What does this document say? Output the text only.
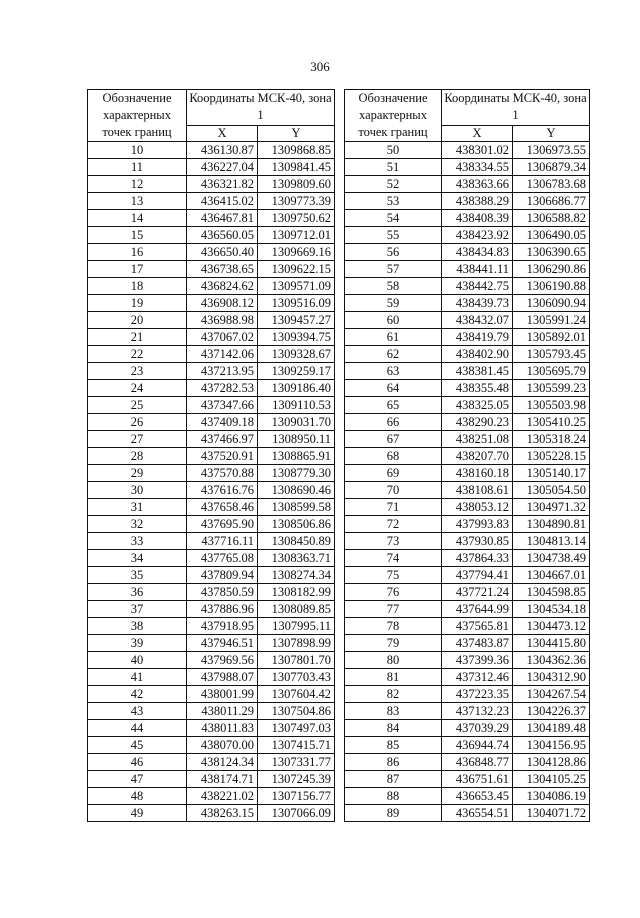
306
Обозначение характерных точек границ	Координаты МСК-40, зона 1	
	X	Y
10	436130.87	1309868.85
11	436227.04	1309841.45
12	436321.82	1309809.60
13	436415.02	1309773.39
14	436467.81	1309750.62
15	436560.05	1309712.01
16	436650.40	1309669.16
17	436738.65	1309622.15
18	436824.62	1309571.09
19	436908.12	1309516.09
20	436988.98	1309457.27
21	437067.02	1309394.75
22	437142.06	1309328.67
23	437213.95	1309259.17
24	437282.53	1309186.40
25	437347.66	1309110.53
26	437409.18	1309031.70
27	437466.97	1308950.11
28	437520.91	1308865.91
29	437570.88	1308779.30
30	437616.76	1308690.46
31	437658.46	1308599.58
32	437695.90	1308506.86
33	437716.11	1308450.89
34	437765.08	1308363.71
35	437809.94	1308274.34
36	437850.59	1308182.99
37	437886.96	1308089.85
38	437918.95	1307995.11
39	437946.51	1307898.99
40	437969.56	1307801.70
41	437988.07	1307703.43
42	438001.99	1307604.42
43	438011.29	1307504.86
44	438011.83	1307497.03
45	438070.00	1307415.71
46	438124.34	1307331.77
47	438174.71	1307245.39
48	438221.02	1307156.77
49	438263.15	1307066.09
Обозначение характерных точек границ	Координаты МСК-40, зона 1	
	X	Y
50	438301.02	1306973.55
51	438334.55	1306879.34
52	438363.66	1306783.68
53	438388.29	1306686.77
54	438408.39	1306588.82
55	438423.92	1306490.05
56	438434.83	1306390.65
57	438441.11	1306290.86
58	438442.75	1306190.88
59	438439.73	1306090.94
60	438432.07	1305991.24
61	438419.79	1305892.01
62	438402.90	1305793.45
63	438381.45	1305695.79
64	438355.48	1305599.23
65	438325.05	1305503.98
66	438290.23	1305410.25
67	438251.08	1305318.24
68	438207.70	1305228.15
69	438160.18	1305140.17
70	438108.61	1305054.50
71	438053.12	1304971.32
72	437993.83	1304890.81
73	437930.85	1304813.14
74	437864.33	1304738.49
75	437794.41	1304667.01
76	437721.24	1304598.85
77	437644.99	1304534.18
78	437565.81	1304473.12
79	437483.87	1304415.80
80	437399.36	1304362.36
81	437312.46	1304312.90
82	437223.35	1304267.54
83	437132.23	1304226.37
84	437039.29	1304189.48
85	436944.74	1304156.95
86	436848.77	1304128.86
87	436751.61	1304105.25
88	436653.45	1304086.19
89	436554.51	1304071.72
